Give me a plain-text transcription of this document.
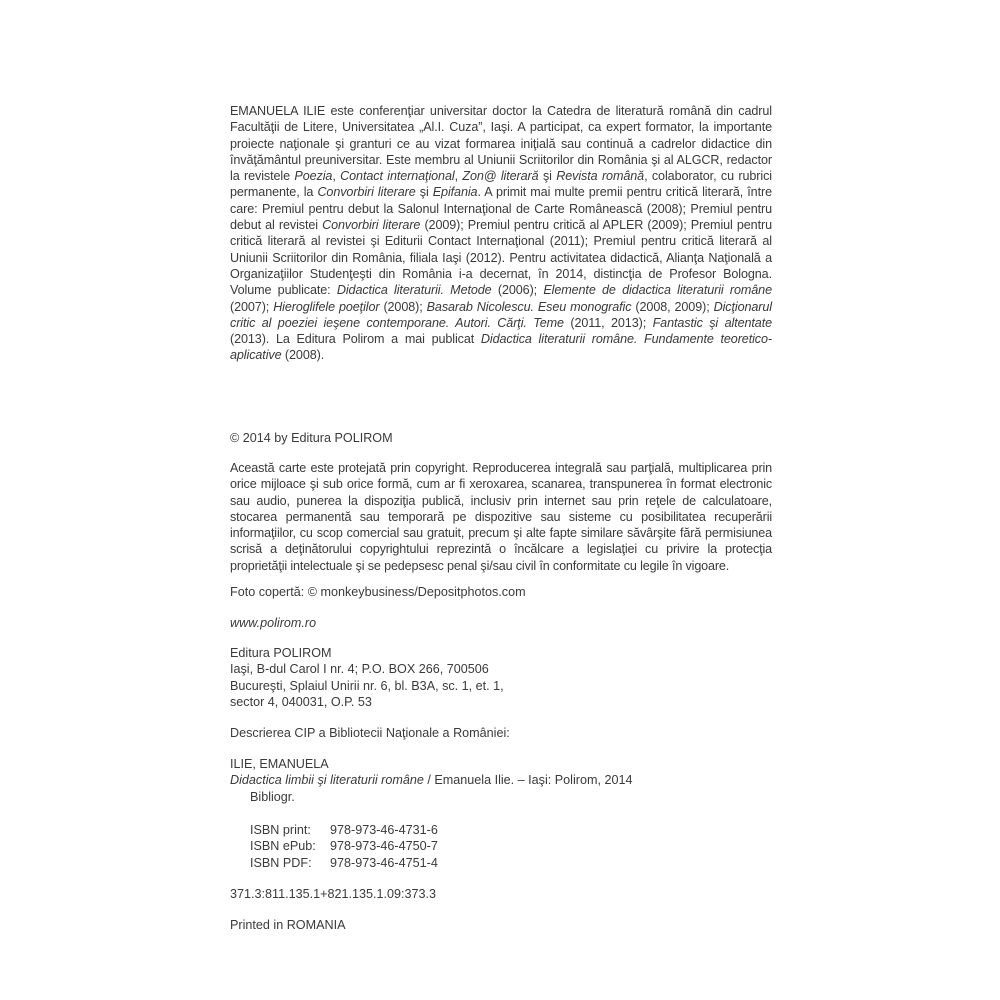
EMANUELA ILIE este conferenţiar universitar doctor la Catedra de literatură română din cadrul Facultăţii de Litere, Universitatea „Al.I. Cuza”, Iaşi. A participat, ca expert formator, la importante proiecte naţionale şi granturi ce au vizat formarea iniţială sau continuă a cadrelor didactice din învăţământul preuniversitar. Este membru al Uniunii Scriitorilor din România şi al ALGCR, redactor la revistele Poezia, Contact internaţional, Zon@ literară şi Revista română, colaborator, cu rubrici permanente, la Convorbiri literare şi Epifania. A primit mai multe premii pentru critică literară, între care: Premiul pentru debut la Salonul Internaţional de Carte Românească (2008); Premiul pentru debut al revistei Convorbiri literare (2009); Premiul pentru critică al APLER (2009); Premiul pentru critică literară al revistei şi Editurii Contact Internaţional (2011); Premiul pentru critică literară al Uniunii Scriitorilor din România, filiala Iaşi (2012). Pentru activitatea didactică, Alianţa Naţională a Organizaţiilor Studenţeşti din România i-a decernat, în 2014, distincţia de Profesor Bologna. Volume publicate: Didactica literaturii. Metode (2006); Elemente de didactica literaturii române (2007); Hieroglifele poeţilor (2008); Basarab Nicolescu. Eseu monografic (2008, 2009); Dicţionarul critic al poeziei ieşene contemporane. Autori. Cărţi. Teme (2011, 2013); Fantastic şi altentate (2013). La Editura Polirom a mai publicat Didactica literaturii române. Fundamente teoretico-aplicative (2008).

© 2014 by Editura POLIROM
Această carte este protejată prin copyright. Reproducerea integrală sau parţială, multiplicarea prin orice mijloace şi sub orice formă, cum ar fi xeroxarea, scanarea, transpunerea în format electronic sau audio, punerea la dispoziţia publică, inclusiv prin internet sau prin reţele de calculatoare, stocarea permanentă sau temporară pe dispozitive sau sisteme cu posibilitatea recuperării informaţiilor, cu scop comercial sau gratuit, precum şi alte fapte similare săvârşite fără permisiunea scrisă a deţinătorului copyrightului reprezintă o încălcare a legislaţiei cu privire la protecţia proprietăţii intelectuale şi se pedepsesc penal şi/sau civil în conformitate cu legile în vigoare.
Foto copertă: © monkeybusiness/Depositphotos.com
www.polirom.ro
Editura POLIROM
Iaşi, B-dul Carol I nr. 4; P.O. BOX 266, 700506
Bucureşti, Splaiul Unirii nr. 6, bl. B3A, sc. 1, et. 1,
sector 4, 040031, O.P. 53
Descrierea CIP a Bibliotecii Naţionale a României:
ILIE, EMANUELA
Didactica limbii şi literaturii române / Emanuela Ilie. – Iaşi: Polirom, 2014
Bibliogr.
ISBN print:	978-973-46-4731-6
ISBN ePub:	978-973-46-4750-7
ISBN PDF:	978-973-46-4751-4
371.3:811.135.1+821.135.1.09:373.3
Printed in ROMANIA
